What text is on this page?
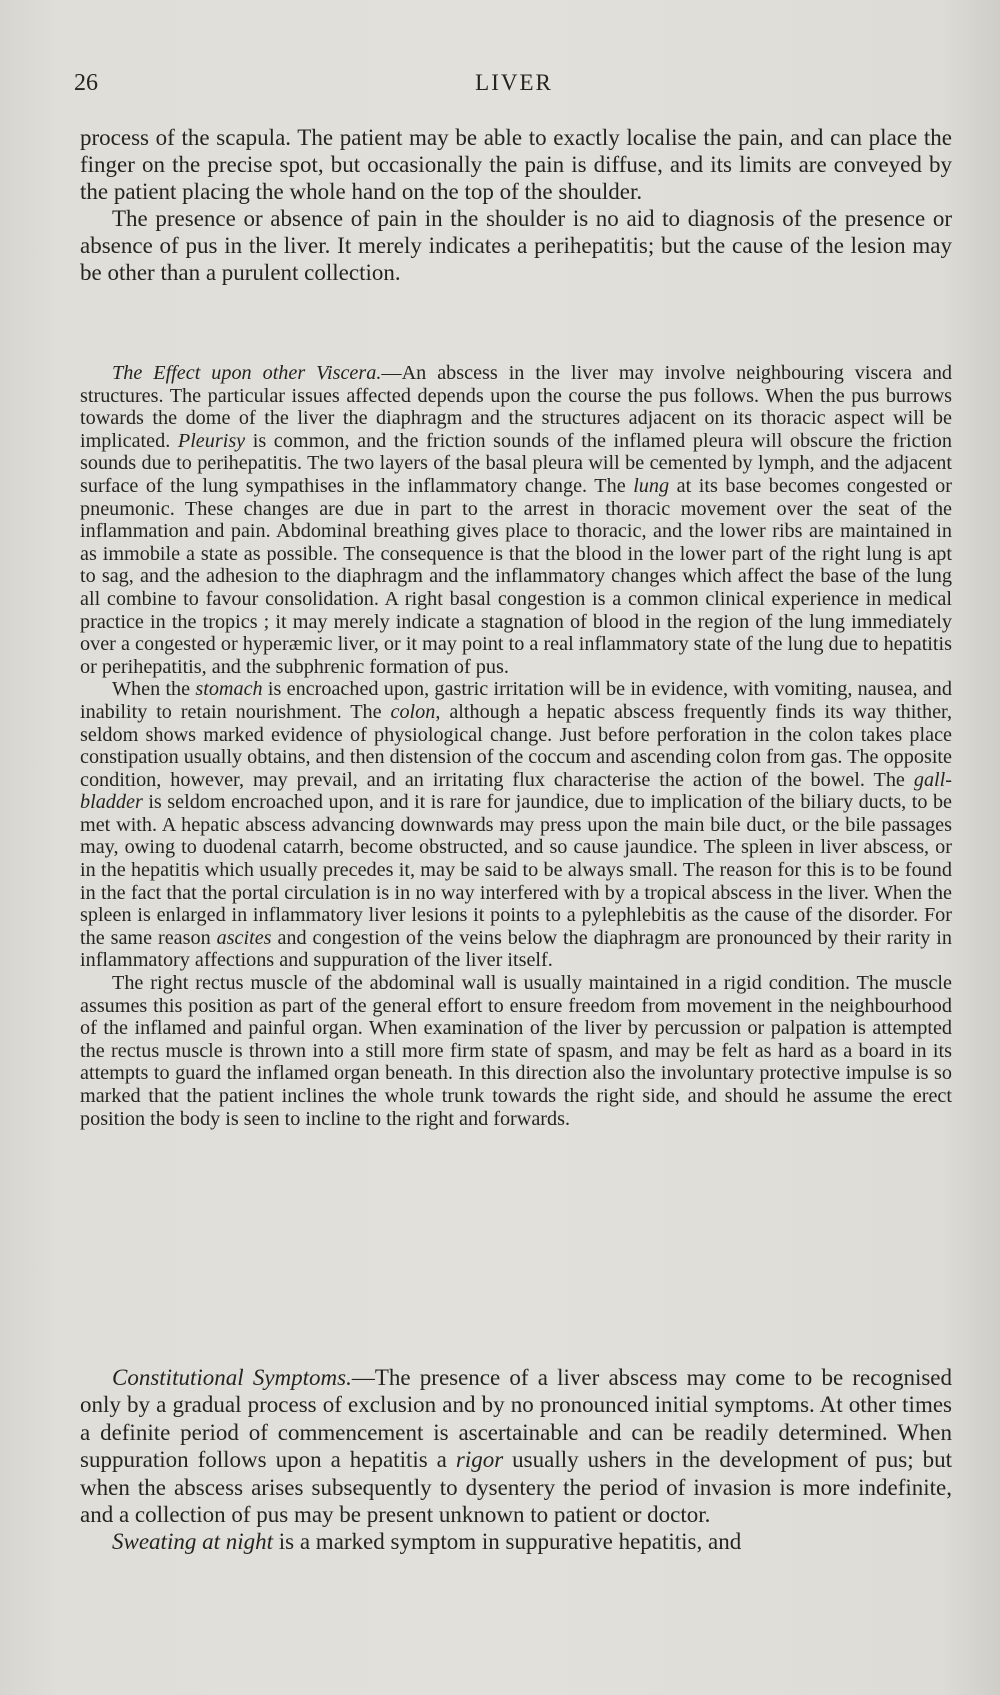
26	LIVER

process of the scapula. The patient may be able to exactly localise the pain, and can place the finger on the precise spot, but occasionally the pain is diffuse, and its limits are conveyed by the patient placing the whole hand on the top of the shoulder.

The presence or absence of pain in the shoulder is no aid to diagnosis of the presence or absence of pus in the liver. It merely indicates a perihepatitis; but the cause of the lesion may be other than a purulent collection.

The Effect upon other Viscera.—An abscess in the liver may involve neighbouring viscera and structures. The particular issues affected depends upon the course the pus follows. When the pus burrows towards the dome of the liver the diaphragm and the structures adjacent on its thoracic aspect will be implicated. Pleurisy is common, and the friction sounds of the inflamed pleura will obscure the friction sounds due to perihepatitis. The two layers of the basal pleura will be cemented by lymph, and the adjacent surface of the lung sympathises in the inflammatory change. The lung at its base becomes congested or pneumonic. These changes are due in part to the arrest in thoracic movement over the seat of the inflammation and pain. Abdominal breathing gives place to thoracic, and the lower ribs are maintained in as immobile a state as possible. The consequence is that the blood in the lower part of the right lung is apt to sag, and the adhesion to the diaphragm and the inflammatory changes which affect the base of the lung all combine to favour consolidation. A right basal congestion is a common clinical experience in medical practice in the tropics ; it may merely indicate a stagnation of blood in the region of the lung immediately over a congested or hyperæmic liver, or it may point to a real inflammatory state of the lung due to hepatitis or perihepatitis, and the subphrenic formation of pus.

When the stomach is encroached upon, gastric irritation will be in evidence, with vomiting, nausea, and inability to retain nourishment. The colon, although a hepatic abscess frequently finds its way thither, seldom shows marked evidence of physiological change. Just before perforation in the colon takes place constipation usually obtains, and then distension of the coccum and ascending colon from gas. The opposite condition, however, may prevail, and an irritating flux characterise the action of the bowel. The gall-bladder is seldom encroached upon, and it is rare for jaundice, due to implication of the biliary ducts, to be met with. A hepatic abscess advancing downwards may press upon the main bile duct, or the bile passages may, owing to duodenal catarrh, become obstructed, and so cause jaundice. The spleen in liver abscess, or in the hepatitis which usually precedes it, may be said to be always small. The reason for this is to be found in the fact that the portal circulation is in no way interfered with by a tropical abscess in the liver. When the spleen is enlarged in inflammatory liver lesions it points to a pylephlebitis as the cause of the disorder. For the same reason ascites and congestion of the veins below the diaphragm are pronounced by their rarity in inflammatory affections and suppuration of the liver itself.

The right rectus muscle of the abdominal wall is usually maintained in a rigid condition. The muscle assumes this position as part of the general effort to ensure freedom from movement in the neighbourhood of the inflamed and painful organ. When examination of the liver by percussion or palpation is attempted the rectus muscle is thrown into a still more firm state of spasm, and may be felt as hard as a board in its attempts to guard the inflamed organ beneath. In this direction also the involuntary protective impulse is so marked that the patient inclines the whole trunk towards the right side, and should he assume the erect position the body is seen to incline to the right and forwards.

Constitutional Symptoms.—The presence of a liver abscess may come to be recognised only by a gradual process of exclusion and by no pronounced initial symptoms. At other times a definite period of commencement is ascertainable and can be readily determined. When suppuration follows upon a hepatitis a rigor usually ushers in the development of pus; but when the abscess arises subsequently to dysentery the period of invasion is more indefinite, and a collection of pus may be present unknown to patient or doctor.

Sweating at night is a marked symptom in suppurative hepatitis, and
